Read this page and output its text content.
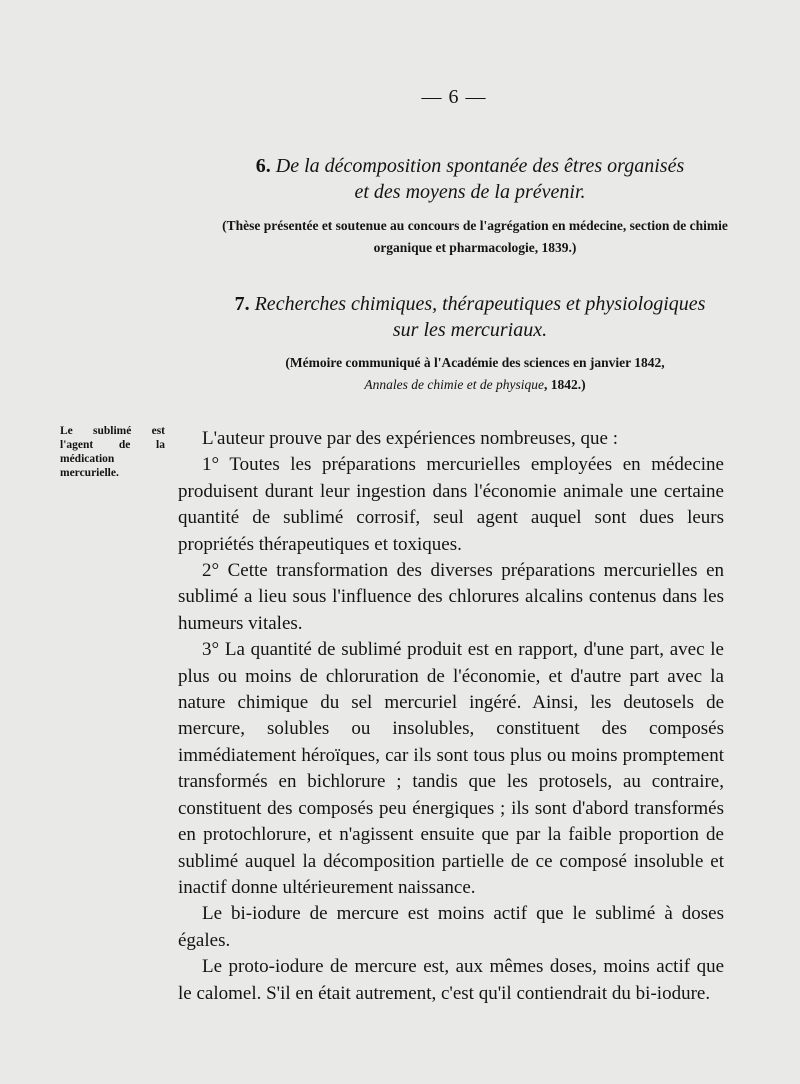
— 6 —
6. De la décomposition spontanée des êtres organisés
et des moyens de la prévenir.
(Thèse présentée et soutenue au concours de l'agrégation en médecine, section de chimie
organique et pharmacologie, 1839.)
7. Recherches chimiques, thérapeutiques et physiologiques
sur les mercuriaux.
(Mémoire communiqué à l'Académie des sciences en janvier 1842,
Annales de chimie et de physique, 1842.)
Le sublimé est l'agent de la médication mercurielle.

L'auteur prouve par des expériences nombreuses, que :

1° Toutes les préparations mercurielles employées en médecine produisent durant leur ingestion dans l'économie animale une certaine quantité de sublimé corrosif, seul agent auquel sont dues leurs propriétés thérapeutiques et toxiques.

2° Cette transformation des diverses préparations mercurielles en sublimé a lieu sous l'influence des chlorures alcalins contenus dans les humeurs vitales.

3° La quantité de sublimé produit est en rapport, d'une part, avec le plus ou moins de chloruration de l'économie, et d'autre part avec la nature chimique du sel mercuriel ingéré. Ainsi, les deutosels de mercure, solubles ou insolubles, constituent des composés immédiatement héroïques, car ils sont tous plus ou moins promptement transformés en bichlorure ; tandis que les protosels, au contraire, constituent des composés peu énergiques ; ils sont d'abord transformés en protochlorure, et n'agissent ensuite que par la faible proportion de sublimé auquel la décomposition partielle de ce composé insoluble et inactif donne ultérieurement naissance.

Le bi-iodure de mercure est moins actif que le sublimé à doses égales.

Le proto-iodure de mercure est, aux mêmes doses, moins actif que le calomel. S'il en était autrement, c'est qu'il contiendrait du bi-iodure.
